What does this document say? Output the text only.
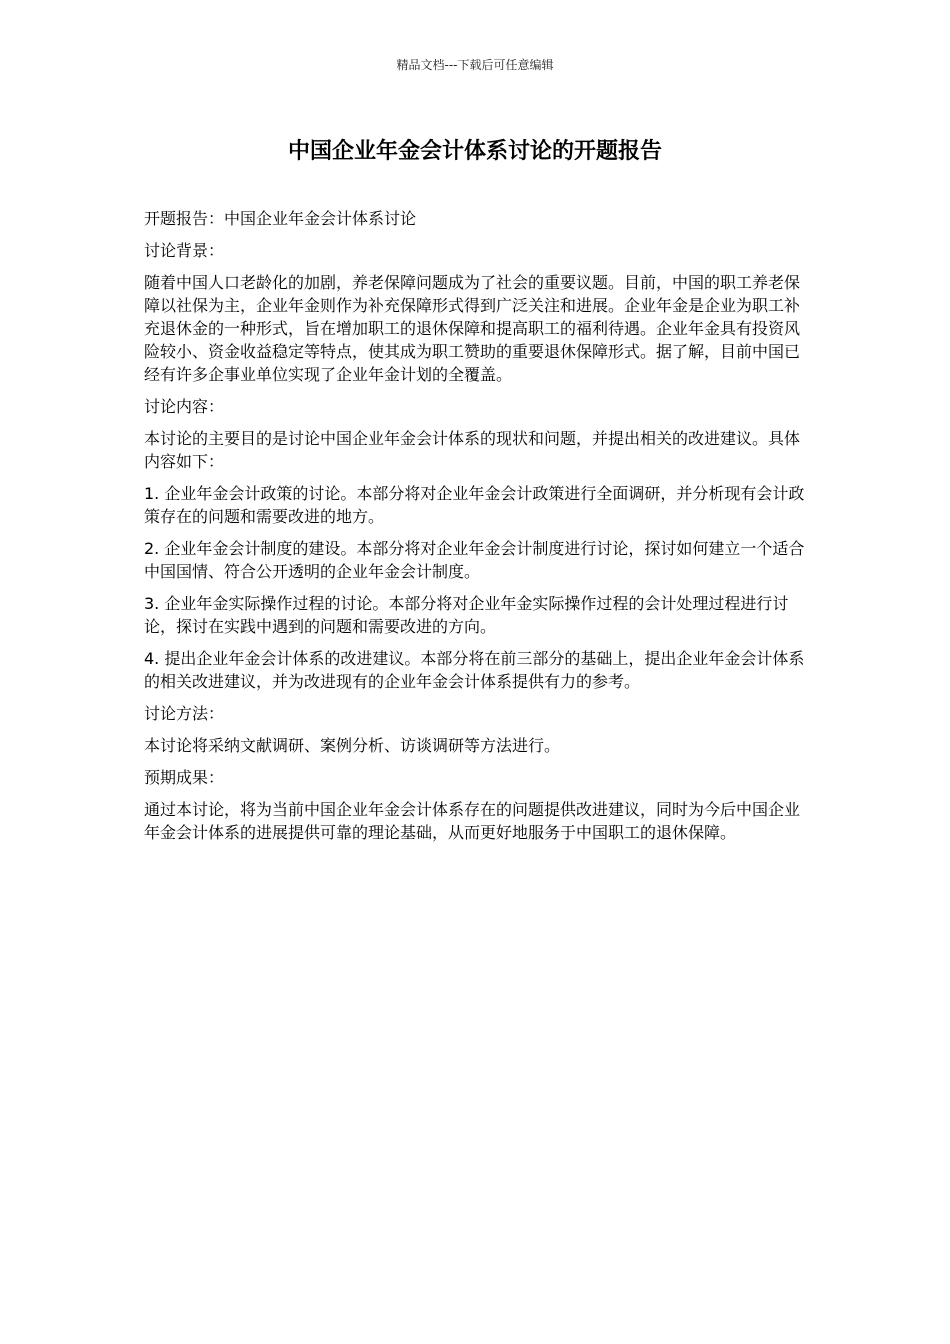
精品文档---下载后可任意编辑
中国企业年金会计体系讨论的开题报告

开题报告：中国企业年金会计体系讨论

讨论背景：

随着中国人口老龄化的加剧，养老保障问题成为了社会的重要议题。目前，中国的职工养老保障以社保为主，企业年金则作为补充保障形式得到广泛关注和进展。企业年金是企业为职工补充退休金的一种形式，旨在增加职工的退休保障和提高职工的福利待遇。企业年金具有投资风险较小、资金收益稳定等特点，使其成为职工赞助的重要退休保障形式。据了解，目前中国已经有许多企事业单位实现了企业年金计划的全覆盖。

讨论内容：

本讨论的主要目的是讨论中国企业年金会计体系的现状和问题，并提出相关的改进建议。具体内容如下：

1. 企业年金会计政策的讨论。本部分将对企业年金会计政策进行全面调研，并分析现有会计政策存在的问题和需要改进的地方。

2. 企业年金会计制度的建设。本部分将对企业年金会计制度进行讨论，探讨如何建立一个适合中国国情、符合公开透明的企业年金会计制度。

3. 企业年金实际操作过程的讨论。本部分将对企业年金实际操作过程的会计处理过程进行讨论，探讨在实践中遇到的问题和需要改进的方向。

4. 提出企业年金会计体系的改进建议。本部分将在前三部分的基础上，提出企业年金会计体系的相关改进建议，并为改进现有的企业年金会计体系提供有力的参考。

讨论方法：

本讨论将采纳文献调研、案例分析、访谈调研等方法进行。

预期成果：

通过本讨论，将为当前中国企业年金会计体系存在的问题提供改进建议，同时为今后中国企业年金会计体系的进展提供可靠的理论基础，从而更好地服务于中国职工的退休保障。
